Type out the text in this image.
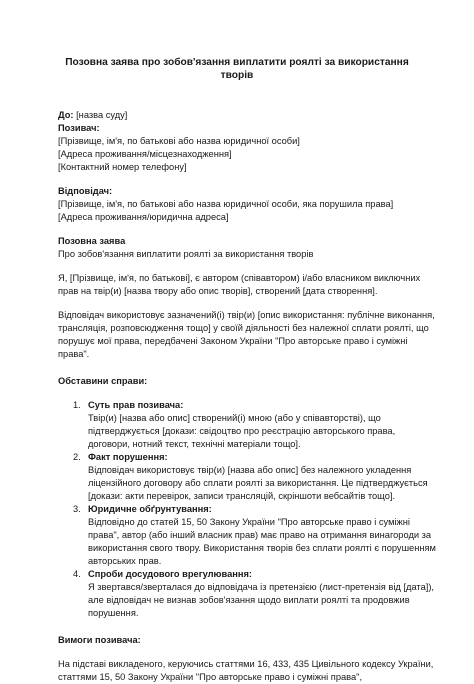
Позовна заява про зобов'язання виплатити роялті за використання творів
До: [назва суду]
Позивач:
[Прізвище, ім'я, по батькові або назва юридичної особи]
[Адреса проживання/місцезнаходження]
[Контактний номер телефону]
Відповідач:
[Прізвище, ім'я, по батькові або назва юридичної особи, яка порушила права]
[Адреса проживання/юридична адреса]
Позовна заява
Про зобов'язання виплатити роялті за використання творів
Я, [Прізвище, ім'я, по батькові], є автором (співавтором) і/або власником виключних
прав на твір(и) [назва твору або опис творів], створений [дата створення].
Відповідач використовує зазначений(і) твір(и) [опис використання: публічне виконання,
трансляція, розповсюдження тощо] у своїй діяльності без належної сплати роялті, що
порушує мої права, передбачені Законом України "Про авторське право і суміжні
права".
Обставини справи:
1. Суть прав позивача:
Твір(и) [назва або опис] створений(і) мною (або у співавторстві), що
підтверджується [докази: свідоцтво про реєстрацію авторського права,
договори, нотний текст, технічні матеріали тощо].
2. Факт порушення:
Відповідач використовує твір(и) [назва або опис] без належного укладення
ліцензійного договору або сплати роялті за використання. Це підтверджується
[докази: акти перевірок, записи трансляцій, скріншоти вебсайтів тощо].
3. Юридичне обґрунтування:
Відповідно до статей 15, 50 Закону України "Про авторське право і суміжні
права", автор (або інший власник прав) має право на отримання винагороди за
використання свого твору. Використання творів без сплати роялті є порушенням
авторських прав.
4. Спроби досудового врегулювання:
Я звертався/зверталася до відповідача із претензією (лист-претензія від [дата]),
але відповідач не визнав зобов'язання щодо виплати роялті та продовжив
порушення.
Вимоги позивача:
На підставі викладеного, керуючись статтями 16, 433, 435 Цивільного кодексу України,
статтями 15, 50 Закону України "Про авторське право і суміжні права",
